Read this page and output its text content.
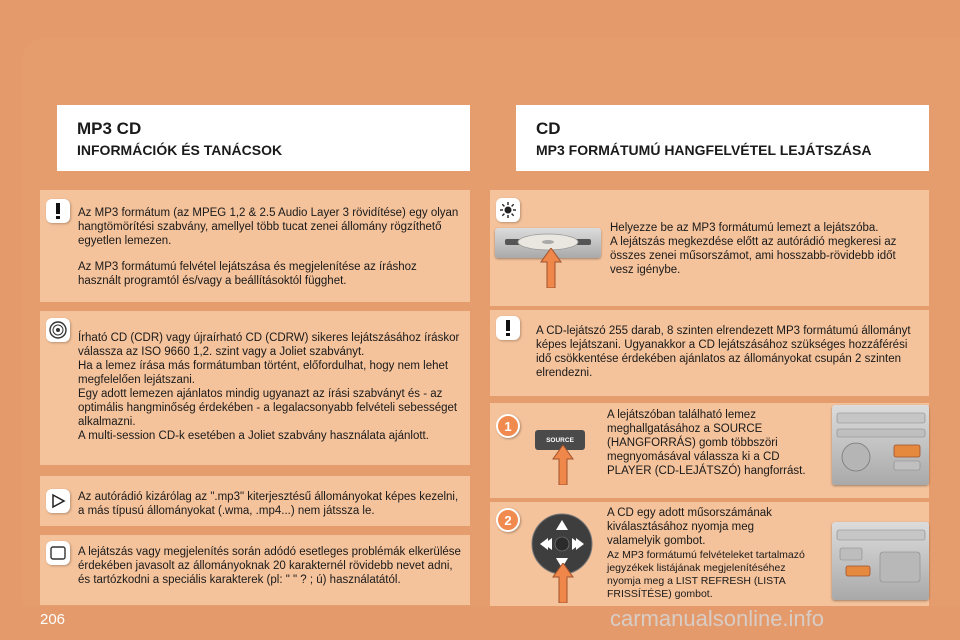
MP3 CD
INFORMÁCIÓK ÉS TANÁCSOK
CD
MP3 FORMÁTUMÚ HANGFELVÉTEL LEJÁTSZÁSA

Az MP3 formátum (az MPEG 1,2 & 2.5 Audio Layer 3 rövidítése) egy olyan hangtömörítési szabvány, amellyel több tucat zenei állomány rögzíthető egyetlen lemezen.

Az MP3 formátumú felvétel lejátszása és megjelenítése az íráshoz használt programtól és/vagy a beállításoktól függhet.

Írható CD (CDR) vagy újraírható CD (CDRW) sikeres lejátszásához íráskor válassza az ISO 9660 1,2. szint vagy a Joliet szabványt.

Ha a lemez írása más formátumban történt, előfordulhat, hogy nem lehet megfelelően lejátszani.

Egy adott lemezen ajánlatos mindig ugyanazt az írási szabványt és - az optimális hangminőség érdekében - a legalacsonyabb felvételi sebességet alkalmazni.

A multi-session CD-k esetében a Joliet szabvány használata ajánlott.

Az autórádió kizárólag az ".mp3" kiterjesztésű állományokat képes kezelni, a más típusú állományokat (.wma, .mp4...) nem játssza le.

A lejátszás vagy megjelenítés során adódó esetleges problémák elkerülése érdekében javasolt az állományoknak 20 karakternél rövidebb nevet adni, és tartózkodni a speciális karakterek (pl: " " ? ; ú) használatától.

Helyezze be az MP3 formátumú lemezt a lejátszóba.

A lejátszás megkezdése előtt az autórádió megkeresi az összes zenei műsorszámot, ami hosszabb-rövidebb időt vesz igénybe.

A CD-lejátszó 255 darab, 8 szinten elrendezett MP3 formátumú állományt képes lejátszani. Ugyanakkor a CD lejátszásához szükséges hozzáférési idő csökkentése érdekében ajánlatos az állományokat csupán 2 szinten elrendezni.

A lejátszóban található lemez meghallgatásához a SOURCE (HANGFORRÁS) gomb többszöri megnyomásával válassza ki a CD PLAYER (CD-LEJÁTSZÓ) hangforrást.

1
SOURCE

A CD egy adott műsorszámának kiválasztásához nyomja meg valamelyik gombot.

Az MP3 formátumú felvételeket tartalmazó jegyzékek listájának megjelenítéséhez nyomja meg a LIST REFRESH (LISTA FRISSÍTÉSE) gombot.

2
206	carmanualsonline.info
